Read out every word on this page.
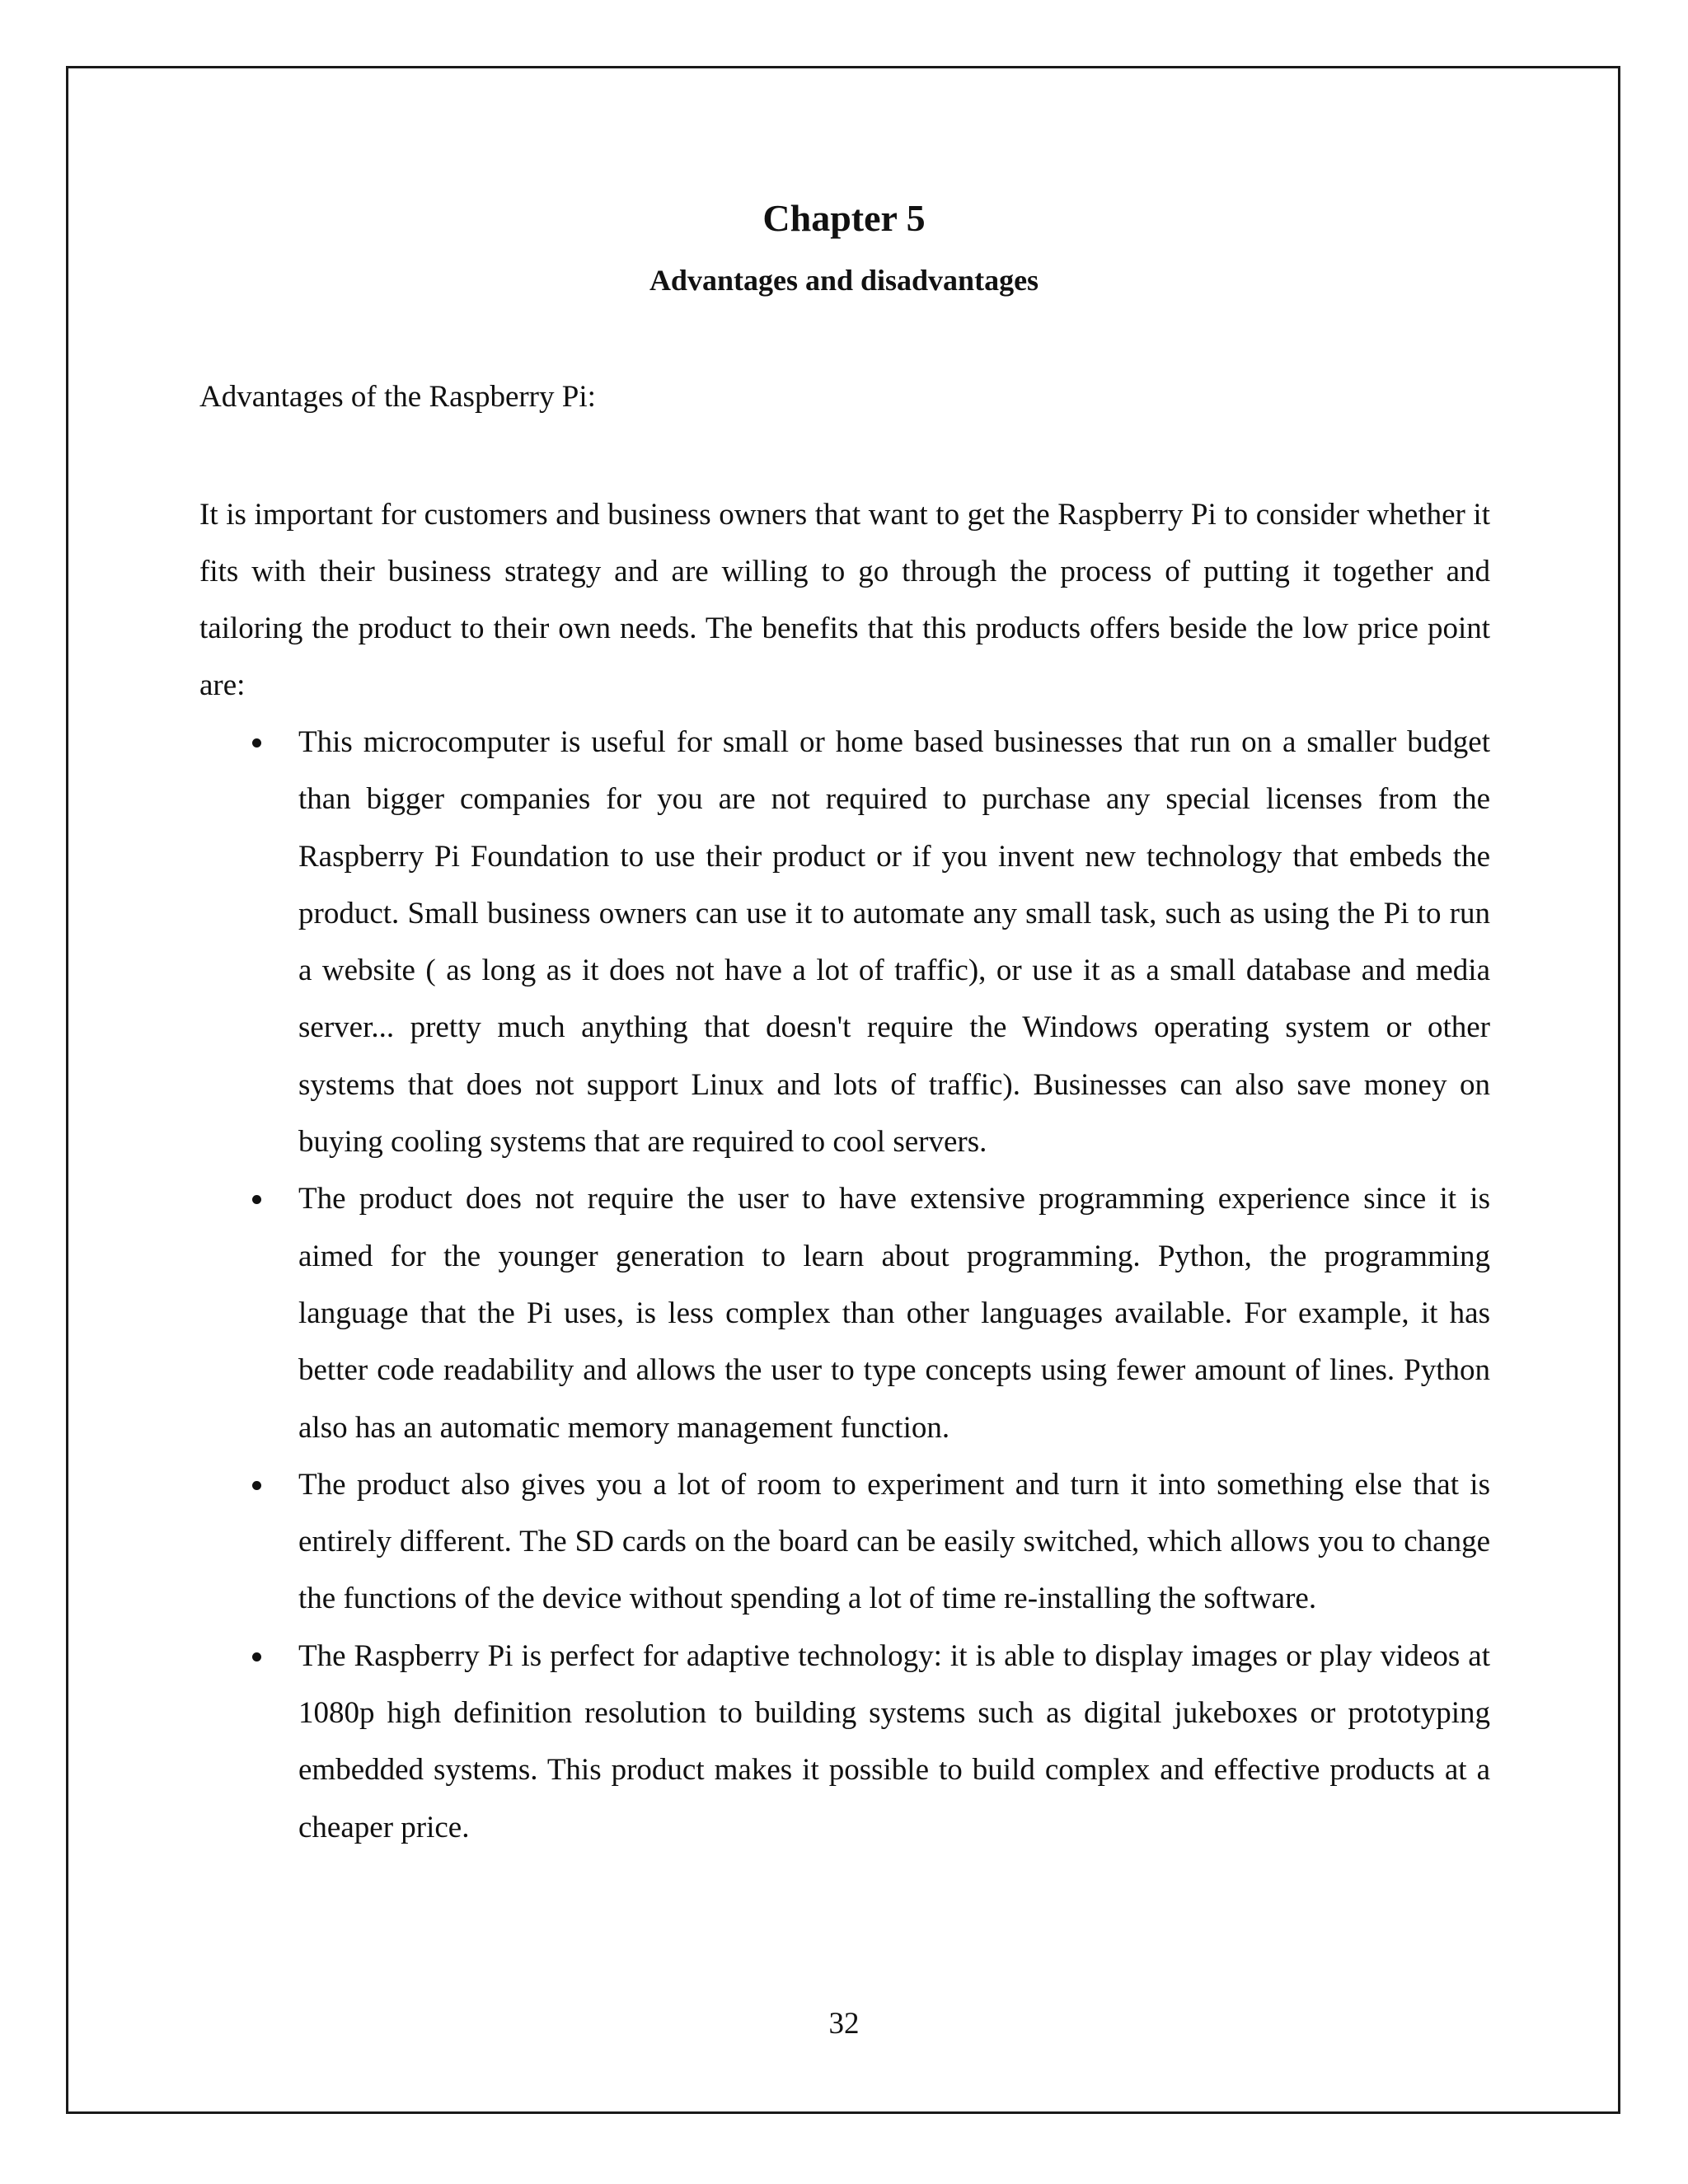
Chapter 5
Advantages and disadvantages
Advantages of the Raspberry Pi:

It is important for customers and business owners that want to get the Raspberry Pi to consider whether it fits with their business strategy and are willing to go through the process of putting it together and tailoring the product to their own needs. The benefits that this products offers beside the low price point are:

This microcomputer is useful for small or home based businesses that run on a smaller budget than bigger companies for you are not required to purchase any special licenses from the Raspberry Pi Foundation to use their product or if you invent new technology that embeds the product. Small business owners can use it to automate any small task, such as using the Pi to run a website ( as long as it does not have a lot of traffic), or use it as a small database and media server... pretty much anything that doesn't require the Windows operating system or other systems that does not support Linux and lots of traffic). Businesses can also save money on buying cooling systems that are required to cool servers.
The product does not require the user to have extensive programming experience since it is aimed for the younger generation to learn about programming. Python, the programming language that the Pi uses, is less complex than other languages available. For example, it has better code readability and allows the user to type concepts using fewer amount of lines. Python also has an automatic memory management function.
The product also gives you a lot of room to experiment and turn it into something else that is entirely different. The SD cards on the board can be easily switched, which allows you to change the functions of the device without spending a lot of time re-installing the software.
The Raspberry Pi is perfect for adaptive technology: it is able to display images or play videos at 1080p high definition resolution to building systems such as digital jukeboxes or prototyping embedded systems. This product makes it possible to build complex and effective products at a cheaper price.
32
